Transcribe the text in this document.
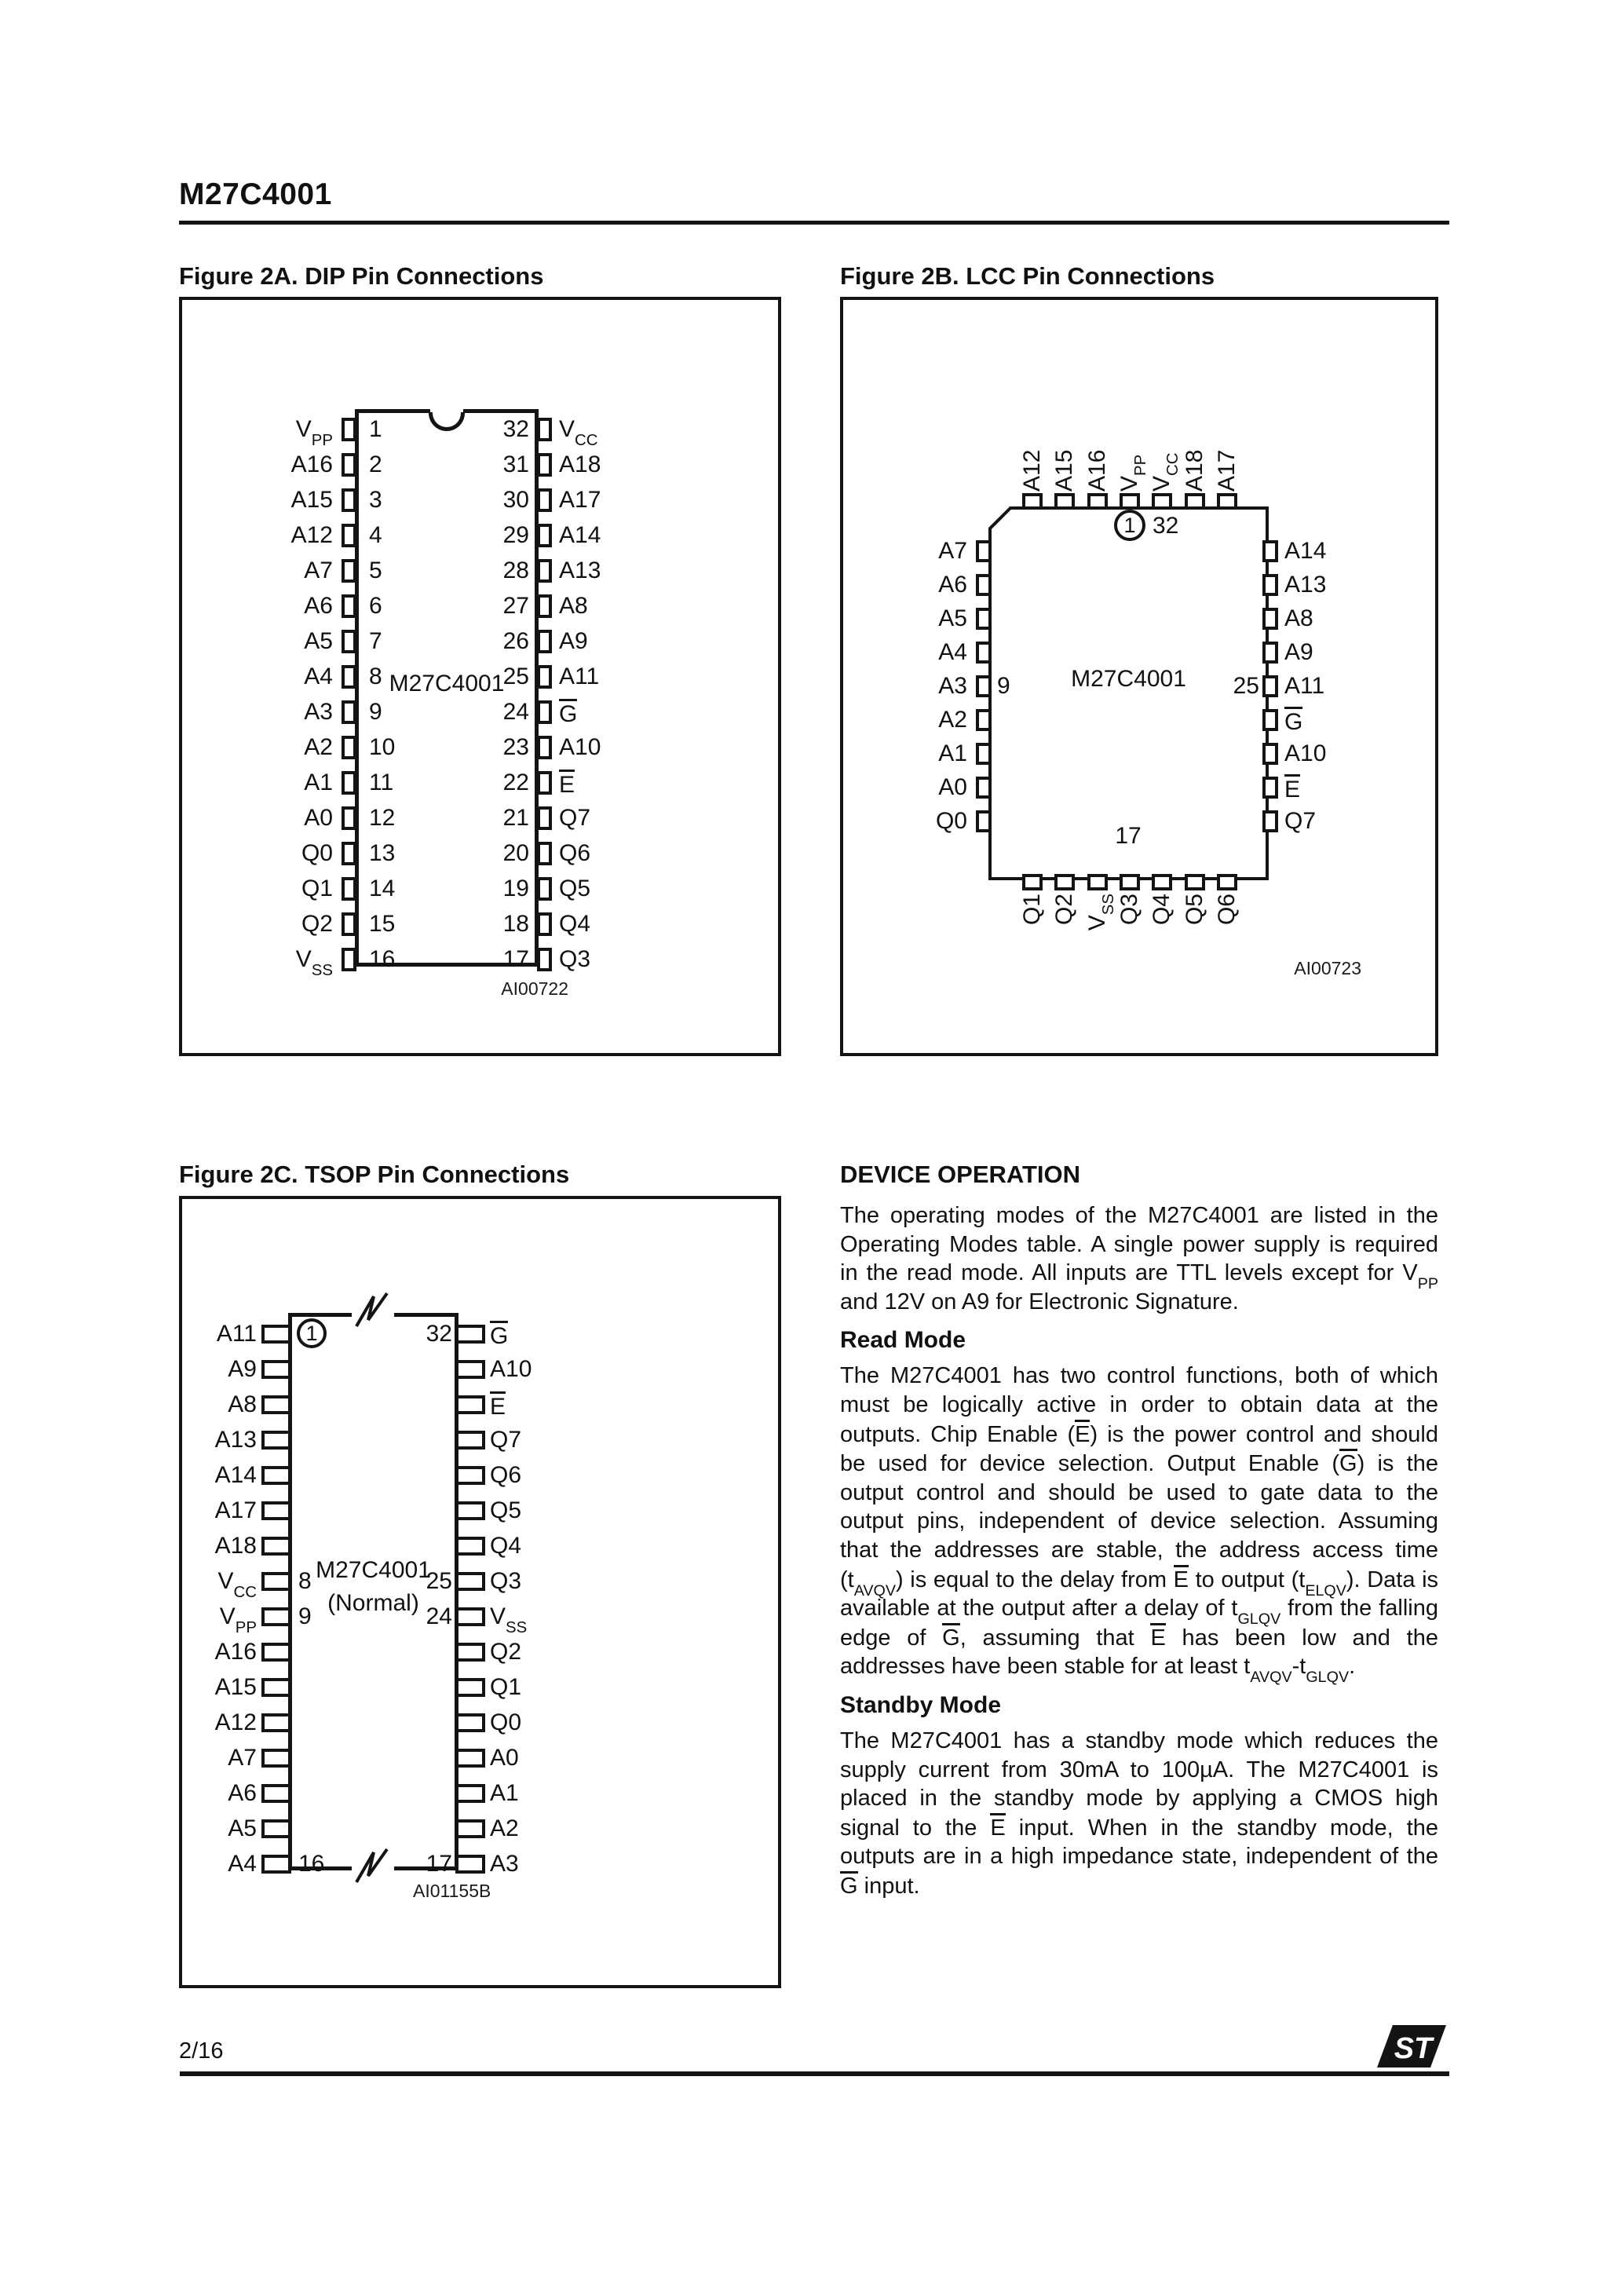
M27C4001
Figure 2A. DIP Pin Connections	Figure 2B. LCC Pin Connections
$V_{PP}$ 1	32 $V_{CC}$
A16 2	31 A18
A15 3	30 A17
A12 4	29 A14
A7 5	28 A13
A6 6	27 A8
A5 7	26 A9
A4 8	25 A11
A3 9	24 G
A2 10	23 A10
A1 11	22 E
A0 12	21 Q7
Q0 13	20 Q6
Q1 14	19 Q5
Q2 15	18 Q4
$V_{SS}$ 16	17 Q3
M27C4001
AI00722
A7	A14
A6	A13
A5	A8
A4	A9
A3	A11
A2	G
A1	A10
A0	E
Q0	Q7
A12
Q1
A15
Q2
A16
$V_{SS}$
$V_{PP}$
Q3
$V_{CC}$
Q4
A18
Q5
A17
Q6
1 32
9	25
17
M27C4001
AI00723
Figure 2C. TSOP Pin Connections
A11	G
1	32
A9	A10
A8	E
A13	Q7
A14	Q6
A17	Q5
A18	Q4
$V_{CC}$	Q3
8	25
$V_{PP}$	$V_{SS}$
9	24
A16	Q2
A15	Q1
A12	Q0
A7	A0
A6	A1
A5	A2
A4	A3
16	17
M27C4001
(Normal)
AI01155B
DEVICE OPERATION

The operating modes of the M27C4001 are listed in the Operating Modes table. A single power supply is required in the read mode. All inputs are TTL levels except for $V_{PP}$ and 12V on A9 for Electronic Signature.

Read Mode

The M27C4001 has two control functions, both of which must be logically active in order to obtain data at the outputs. Chip Enable (E) is the power control and should be used for device selection. Output Enable (G) is the output control and should be used to gate data to the output pins, independent of device selection. Assuming that the addresses are stable, the address access time $(t_{AVQV})$ is equal to the delay from E to output $(t_{ELQV})$. Data is available at the output after a delay of $t_{GLQV}$ from the falling edge of G, assuming that E has been low and the addresses have been stable for at least $t_{AVQV}-t_{GLQV}$.

Standby Mode

The M27C4001 has a standby mode which reduces the supply current from 30mA to 100µA. The M27C4001 is placed in the standby mode by applying a CMOS high signal to the E input. When in the standby mode, the outputs are in a high impedance state, independent of the G input.

2/16	ST
